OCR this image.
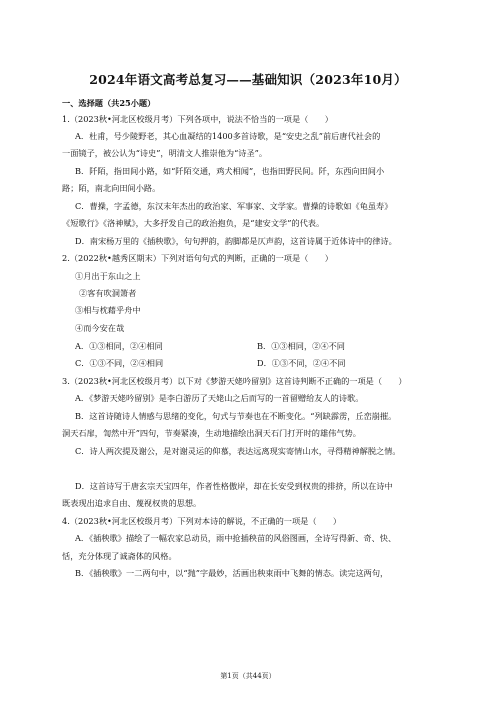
2024年语文高考总复习——基础知识（2023年10月）
一、选择题（共25小题）
1.（2023秋•河北区校级月考）下列各项中，说法不恰当的一项是（　　）
A．杜甫，号少陵野老，其心血凝结的1400多首诗歌，是“安史之乱”前后唐代社会的
一面镜子，被公认为“诗史”，明清文人推崇他为“诗圣”。
B．阡陌，指田间小路，如“阡陌交通，鸡犬相闻”，也指田野民间。阡，东西向田间小
路；陌，南北向田间小路。
C．曹操，字孟德，东汉末年杰出的政治家、军事家、文学家。曹操的诗歌如《龟虽寿》
《短歌行》《洛神赋》，大多抒发自己的政治抱负，是“建安文学”的代表。
D．南宋杨万里的《插秧歌》，句句押韵，韵脚都是仄声韵，这首诗属于近体诗中的律诗。
2.（2022秋•越秀区期末）下列对语句句式的判断，正确的一项是（　　）
①月出于东山之上
②客有吹洞箫者
③相与枕藉乎舟中
④而今安在哉
A．①③相同，②④相同	B．①③相同，②④不同
C．①③不同，②④相同	D．①③不同，②④不同
3.（2023秋•河北区校级月考）以下对《梦游天姥吟留别》这首诗判断不正确的一项是（　　）
A．《梦游天姥吟留别》是李白游历了天姥山之后而写的一首留赠给友人的诗歌。
B．这首诗随诗人情感与思绪的变化，句式与节奏也在不断变化。“列缺霹雳，丘峦崩摧。
洞天石扉，訇然中开”四句，节奏紧凑，生动地描绘出洞天石门打开时的雄伟气势。
C．诗人两次提及谢公，是对谢灵运的仰慕，表达远离现实寄情山水，寻得精神解脱之情。
D．这首诗写于唐玄宗天宝四年，作者性格傲岸，却在长安受到权贵的排挤，所以在诗中
既表现出追求自由、蔑视权贵的思想。
4.（2023秋•河北区校级月考）下列对本诗的解说，不正确的一项是（　　）
A．《插秧歌》描绘了一幅农家总动员，雨中抢插秧苗的风俗图画，全诗写得新、奇、快、
恬，充分体现了诚斋体的风格。
B．《插秧歌》一二两句中，以“抛”字最妙，活画出秧束雨中飞舞的情态。读完这两句，
第1页（共44页）
